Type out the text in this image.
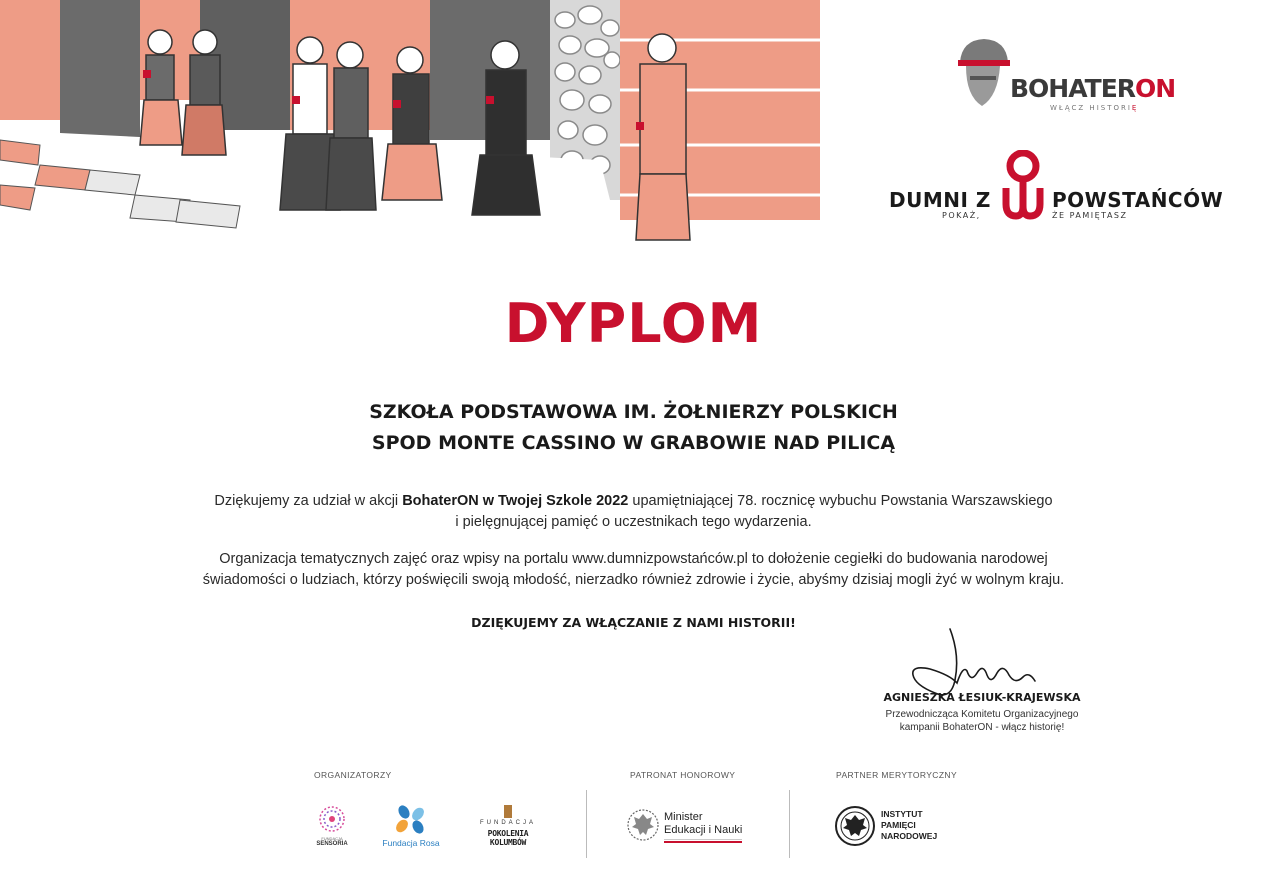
BOHATERON
WŁĄCZ HISTORIĘ
DUMNI Z	POWSTAŃCÓW
POKAŻ,	ŻE PAMIĘTASZ
DYPLOM
SZKOŁA PODSTAWOWA IM. ŻOŁNIERZY POLSKICH
SPOD MONTE CASSINO W GRABOWIE NAD PILICĄ
Dziękujemy za udział w akcji BohaterON w Twojej Szkole 2022 upamiętniającej 78. rocznicę wybuchu Powstania Warszawskiego
i pielęgnującej pamięć o uczestnikach tego wydarzenia.
Organizacja tematycznych zajęć oraz wpisy na portalu www.dumnizpowstańców.pl to dołożenie cegiełki do budowania narodowej
świadomości o ludziach, którzy poświęcili swoją młodość, nierzadko również zdrowie i życie, abyśmy dzisiaj mogli żyć w wolnym kraju.
DZIĘKUJEMY ZA WŁĄCZANIE Z NAMI HISTORII!
AGNIESZKA ŁESIUK-KRAJEWSKA
Przewodnicząca Komitetu Organizacyjnego
kampanii BohaterON - włącz historię!
ORGANIZATORZY	PATRONAT HONOROWY	PARTNER MERYTORYCZNY
FUNDACJA
SENSORIA	Fundacja Rosa
FUNDACJA
POKOLENIA KOLUMBÓW
Minister
Edukacji i Nauki
INSTYTUT
PAMIĘCI
NARODOWEJ
